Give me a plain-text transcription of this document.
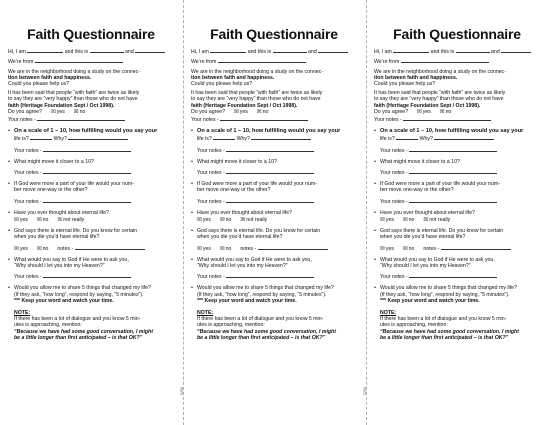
Faith Questionnaire

Hi, I am	and this is	and

We’re from

We are in the neighborhood doing a study on the connec-
tion between faith and happiness.
Could you please help us?

It has been said that people “with faith” are twice as likely
to say they are “very happy” than those who do not have
faith (Heritage Foundation Sept / Oct 1998).

Do you agree? ☒yes ☒no

Your notes -

• On a scale of 1 – 10, how fulfilling would you say your
life is?	Why?

Your notes -

• What might move it closer to a 10?

Your notes -

• If God were more a part of your life would your num-
ber move one-way or the other?

Your notes -

• Have you ever thought about eternal life?

☒yes ☒no ☒not really

• God says there is eternal life. Do you know for certain
when you die you’d have eternal life?

☒yes ☒no notes -

• What would you say to God if He were to ask you,
“Why should I let you into my Heaven?”

Your notes -

• Would you allow me to share 5 things that changed my life?
(If they ask, “how long”, respond by saying, “5 minutes”).
*** Keep your word and watch your time.

NOTE:

If there has been a lot of dialogue and you know 5 min-
utes is approaching, mention:

“Because we have had some good conversation, I might
be a little longer than first anticipated – is that OK?”

Faith Questionnaire

Hi, I am	and this is	and

We’re from

We are in the neighborhood doing a study on the connec-
tion between faith and happiness.
Could you please help us?

It has been said that people “with faith” are twice as likely
to say they are “very happy” than those who do not have
faith (Heritage Foundation Sept / Oct 1998).

Do you agree? ☒yes ☒no

Your notes -

• On a scale of 1 – 10, how fulfilling would you say your
life is?	Why?

Your notes -

• What might move it closer to a 10?

Your notes -

• If God were more a part of your life would your num-
ber move one-way or the other?

Your notes -

• Have you ever thought about eternal life?

☒yes ☒no ☒not really

• God says there is eternal life. Do you know for certain
when you die you’d have eternal life?

☒yes ☒no notes -

• What would you say to God if He were to ask you,
“Why should I let you into my Heaven?”

Your notes -

• Would you allow me to share 5 things that changed my life?
(If they ask, “how long”, respond by saying, “5 minutes”).
*** Keep your word and watch your time.

NOTE:

If there has been a lot of dialogue and you know 5 min-
utes is approaching, mention:

“Because we have had some good conversation, I might
be a little longer than first anticipated – is that OK?”

0203
Faith Questionnaire

Hi, I am	and this is	and

We’re from

We are in the neighborhood doing a study on the connec-
tion between faith and happiness.
Could you please help us?

It has been said that people “with faith” are twice as likely
to say they are “very happy” than those who do not have
faith (Heritage Foundation Sept / Oct 1998).

Do you agree? ☒yes ☒no

Your notes -

• On a scale of 1 – 10, how fulfilling would you say your
life is?	Why?

Your notes -

• What might move it closer to a 10?

Your notes -

• If God were more a part of your life would your num-
ber move one-way or the other?

Your notes -

• Have you ever thought about eternal life?

☒yes ☒no ☒not really

• God says there is eternal life. Do you know for certain
when you die you’d have eternal life?

☒yes ☒no notes -

• What would you say to God if He were to ask you,
“Why should I let you into my Heaven?”

Your notes -

• Would you allow me to share 5 things that changed my life?
(If they ask, “how long”, respond by saying, “5 minutes”).
*** Keep your word and watch your time.

NOTE:

If there has been a lot of dialogue and you know 5 min-
utes is approaching, mention:

“Because we have had some good conversation, I might
be a little longer than first anticipated – is that OK?”

0203
